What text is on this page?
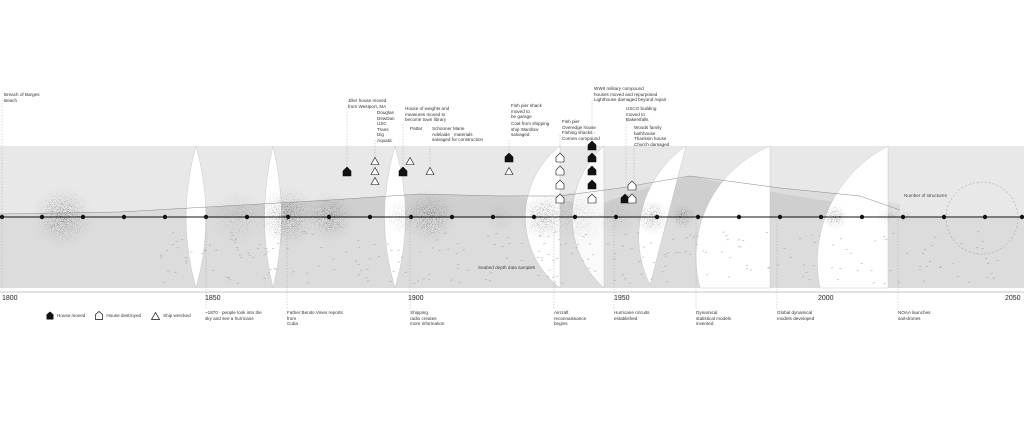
1800	1850	1900	1950	2000	2050
Breach of Barges
Beach	Jiller house moved
from Westport, MA
Douglas
DewDan
USC
Trans
Dig
Aquatic
House of weights and
measures moved to
become town library
Pattar Schooner Marie
Adelaide · materials
salvaged for construction
Fish pier shack
moved to
be garage
Coal from shipping
ship Wardlow
salvaged
Fish pier
Overedge house
Fishing shacks -
Cornen compound
WWII military compound
houses moved and repurposed
Lighthouse damaged beyond repair
USCG building
moved to
Bakersfalls
Woods family
bathhouse
Thanksin house
Church damaged
~1870 · people look into the
sky and see a hurricane
Father Benito Vines reports
from
Cuba
Shipping
radio creates
more information
Aircraft
reconnaissance
begins
Hurricane circuits
established
Dynamical
statistical models
invented
Global dynamical
models developed
NOAA launches
sail-drones
Seabed depth data samples
Number of structures
House moved	House destroyed	Ship wrecked
